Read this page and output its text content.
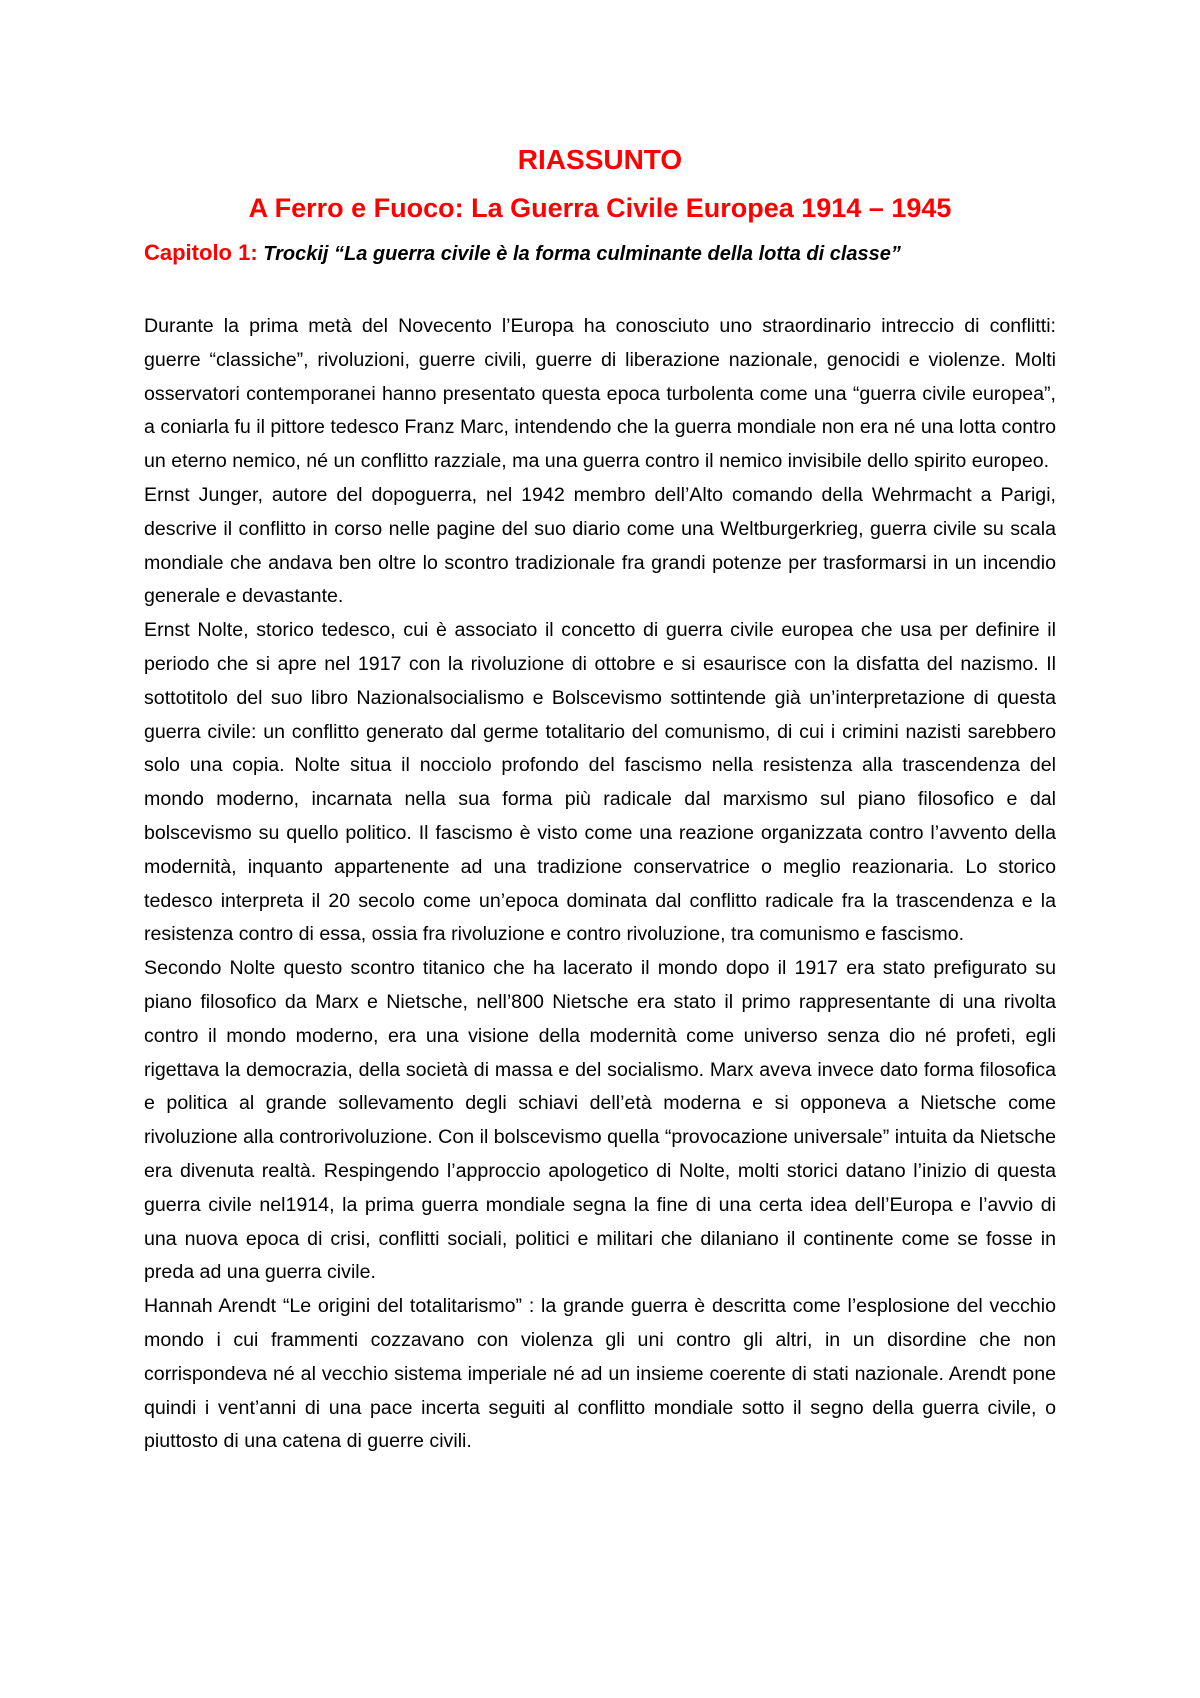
RIASSUNTO
A Ferro e Fuoco: La Guerra Civile Europea 1914 – 1945
Capitolo 1: Trockij “La guerra civile è la forma culminante della lotta di classe”

Durante la prima metà del Novecento l’Europa ha conosciuto uno straordinario intreccio di conflitti: guerre “classiche”, rivoluzioni, guerre civili, guerre di liberazione nazionale, genocidi e violenze. Molti osservatori contemporanei hanno presentato questa epoca turbolenta come una “guerra civile europea”, a coniarla fu il pittore tedesco Franz Marc, intendendo che la guerra mondiale non era né una lotta contro un eterno nemico, né un conflitto razziale, ma una guerra contro il nemico invisibile dello spirito europeo.

Ernst Junger, autore del dopoguerra, nel 1942 membro dell’Alto comando della Wehrmacht a Parigi, descrive il conflitto in corso nelle pagine del suo diario come una Weltburgerkrieg, guerra civile su scala mondiale che andava ben oltre lo scontro tradizionale fra grandi potenze per trasformarsi in un incendio generale e devastante.

Ernst Nolte, storico tedesco, cui è associato il concetto di guerra civile europea che usa per definire il periodo che si apre nel 1917 con la rivoluzione di ottobre e si esaurisce con la disfatta del nazismo. Il sottotitolo del suo libro Nazionalsocialismo e Bolscevismo sottintende già un’interpretazione di questa guerra civile: un conflitto generato dal germe totalitario del comunismo, di cui i crimini nazisti sarebbero solo una copia. Nolte situa il nocciolo profondo del fascismo nella resistenza alla trascendenza del mondo moderno, incarnata nella sua forma più radicale dal marxismo sul piano filosofico e dal bolscevismo su quello politico. Il fascismo è visto come una reazione organizzata contro l’avvento della modernità, inquanto appartenente ad una tradizione conservatrice o meglio reazionaria. Lo storico tedesco interpreta il 20 secolo come un’epoca dominata dal conflitto radicale fra la trascendenza e la resistenza contro di essa, ossia fra rivoluzione e contro rivoluzione, tra comunismo e fascismo.

Secondo Nolte questo scontro titanico che ha lacerato il mondo dopo il 1917 era stato prefigurato su piano filosofico da Marx e Nietsche, nell’800 Nietsche era stato il primo rappresentante di una rivolta contro il mondo moderno, era una visione della modernità come universo senza dio né profeti, egli rigettava la democrazia, della società di massa e del socialismo. Marx aveva invece dato forma filosofica e politica al grande sollevamento degli schiavi dell’età moderna e si opponeva a Nietsche come rivoluzione alla controrivoluzione. Con il bolscevismo quella “provocazione universale” intuita da Nietsche era divenuta realtà. Respingendo l’approccio apologetico di Nolte, molti storici datano l’inizio di questa guerra civile nel1914, la prima guerra mondiale segna la fine di una certa idea dell’Europa e l’avvio di una nuova epoca di crisi, conflitti sociali, politici e militari che dilaniano il continente come se fosse in preda ad una guerra civile.

Hannah Arendt “Le origini del totalitarismo” : la grande guerra è descritta come l’esplosione del vecchio mondo i cui frammenti cozzavano con violenza gli uni contro gli altri, in un disordine che non corrispondeva né al vecchio sistema imperiale né ad un insieme coerente di stati nazionale. Arendt pone quindi i vent’anni di una pace incerta seguiti al conflitto mondiale sotto il segno della guerra civile, o piuttosto di una catena di guerre civili.
